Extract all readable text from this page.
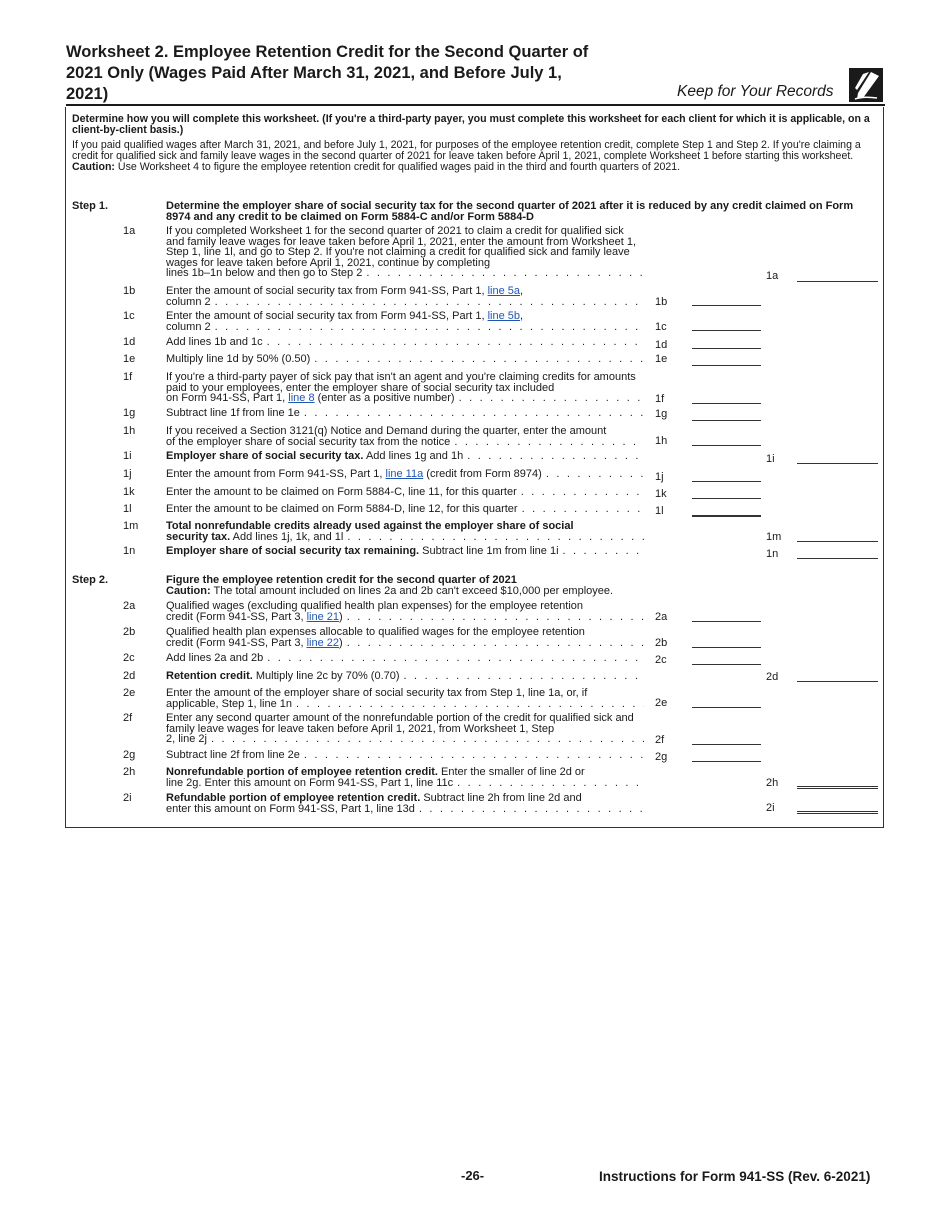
Worksheet 2. Employee Retention Credit for the Second Quarter of 2021 Only (Wages Paid After March 31, 2021, and Before July 1, 2021)	Keep for Your Records
Determine how you will complete this worksheet. (If you're a third-party payer, you must complete this worksheet for each client for which it is applicable, on a client-by-client basis.)
If you paid qualified wages after March 31, 2021, and before July 1, 2021, for purposes of the employee retention credit, complete Step 1 and Step 2. If you're claiming a credit for qualified sick and family leave wages in the second quarter of 2021 for leave taken before April 1, 2021, complete Worksheet 1 before starting this worksheet. Caution: Use Worksheet 4 to figure the employee retention credit for qualified wages paid in the third and fourth quarters of 2021.
Step 1.	Determine the employer share of social security tax for the second quarter of 2021 after it is reduced by any credit claimed on Form 8974 and any credit to be claimed on Form 5884-C and/or Form 5884-D
1a	If you completed Worksheet 1 for the second quarter of 2021 to claim a credit for qualified sick and family leave wages for leave taken before April 1, 2021, enter the amount from Worksheet 1, Step 1, line 1l, and go to Step 2. If you're not claiming a credit for qualified sick and family leave wages for leave taken before April 1, 2021, continue by completing
lines 1b–1n below and then go to Step 2 . . .	1a
1b	Enter the amount of social security tax from Form 941-SS, Part 1, line 5a,
column 2 . . .	1b
1c	Enter the amount of social security tax from Form 941-SS, Part 1, line 5b,
column 2 . . .	1c
1d	Add lines 1b and 1c . . .	1d
1e	Multiply line 1d by 50% (0.50) . . .	1e
1f	If you're a third-party payer of sick pay that isn't an agent and you're claiming credits for amounts paid to your employees, enter the employer share of social security tax included
on Form 941-SS, Part 1, line 8 (enter as a positive number) . . .	1f
1g	Subtract line 1f from line 1e . . .	1g
1h	If you received a Section 3121(q) Notice and Demand during the quarter, enter the amount
of the employer share of social security tax from the notice . . .	1h
1i	Employer share of social security tax. Add lines 1g and 1h . . .	1i
1j	Enter the amount from Form 941-SS, Part 1, line 11a (credit from Form 8974) . . .	1j
1k	Enter the amount to be claimed on Form 5884-C, line 11, for this quarter . . .	1k
1l	Enter the amount to be claimed on Form 5884-D, line 12, for this quarter . . .	1l
1m	Total nonrefundable credits already used against the employer share of social
security tax. Add lines 1j, 1k, and 1l . . .	1m
1n	Employer share of social security tax remaining. Subtract line 1m from line 1i . . .	1n
Step 2.	Figure the employee retention credit for the second quarter of 2021
Caution: The total amount included on lines 2a and 2b can't exceed $10,000 per employee.
2a	Qualified wages (excluding qualified health plan expenses) for the employee retention
credit (Form 941-SS, Part 3, line 21) . . .	2a
2b	Qualified health plan expenses allocable to qualified wages for the employee retention
credit (Form 941-SS, Part 3, line 22) . . .	2b
2c	Add lines 2a and 2b . . .	2c
2d	Retention credit. Multiply line 2c by 70% (0.70) . . .	2d
2e	Enter the amount of the employer share of social security tax from Step 1, line 1a, or, if
applicable, Step 1, line 1n . . .	2e
2f	Enter any second quarter amount of the nonrefundable portion of the credit for qualified sick and family leave wages for leave taken before April 1, 2021, from Worksheet 1, Step
2, line 2j . . .	2f
2g	Subtract line 2f from line 2e . . .	2g
2h	Nonrefundable portion of employee retention credit. Enter the smaller of line 2d or
line 2g. Enter this amount on Form 941-SS, Part 1, line 11c . . .	2h
2i	Refundable portion of employee retention credit. Subtract line 2h from line 2d and
enter this amount on Form 941-SS, Part 1, line 13d . . .	2i
-26-	Instructions for Form 941-SS (Rev. 6-2021)
